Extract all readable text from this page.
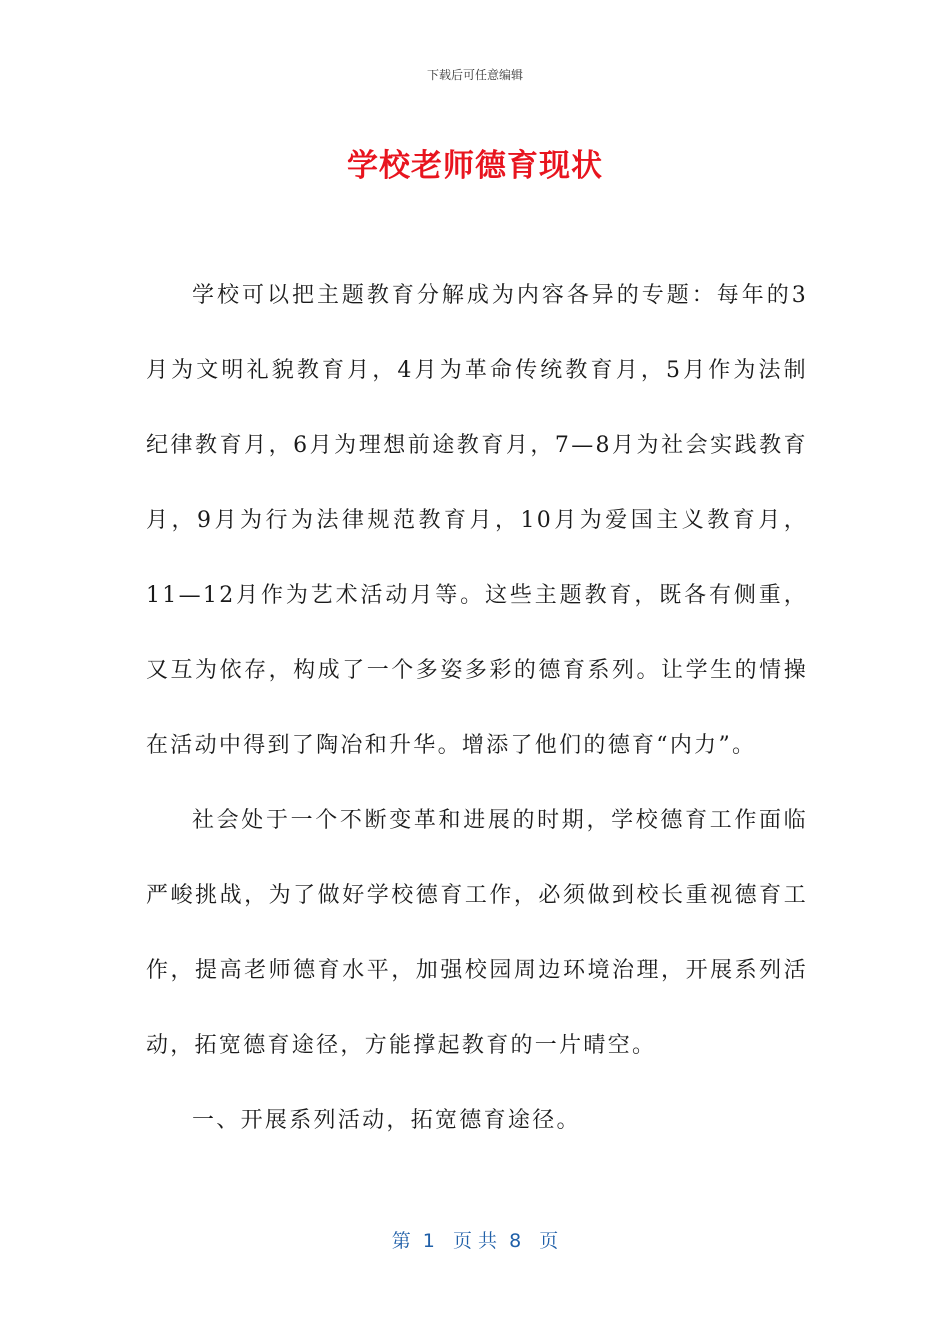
下载后可任意编辑
学校老师德育现状

学校可以把主题教育分解成为内容各异的专题：每年的3月为文明礼貌教育月，4月为革命传统教育月，5月作为法制纪律教育月，6月为理想前途教育月，7—8月为社会实践教育月，9月为行为法律规范教育月，10月为爱国主义教育月，11—12月作为艺术活动月等。这些主题教育，既各有侧重，又互为依存，构成了一个多姿多彩的德育系列。让学生的情操在活动中得到了陶冶和升华。增添了他们的德育“内力”。

社会处于一个不断变革和进展的时期，学校德育工作面临严峻挑战，为了做好学校德育工作，必须做到校长重视德育工作，提高老师德育水平，加强校园周边环境治理，开展系列活动，拓宽德育途径，方能撑起教育的一片晴空。

一、开展系列活动，拓宽德育途径。

第  1   页 共  8   页
